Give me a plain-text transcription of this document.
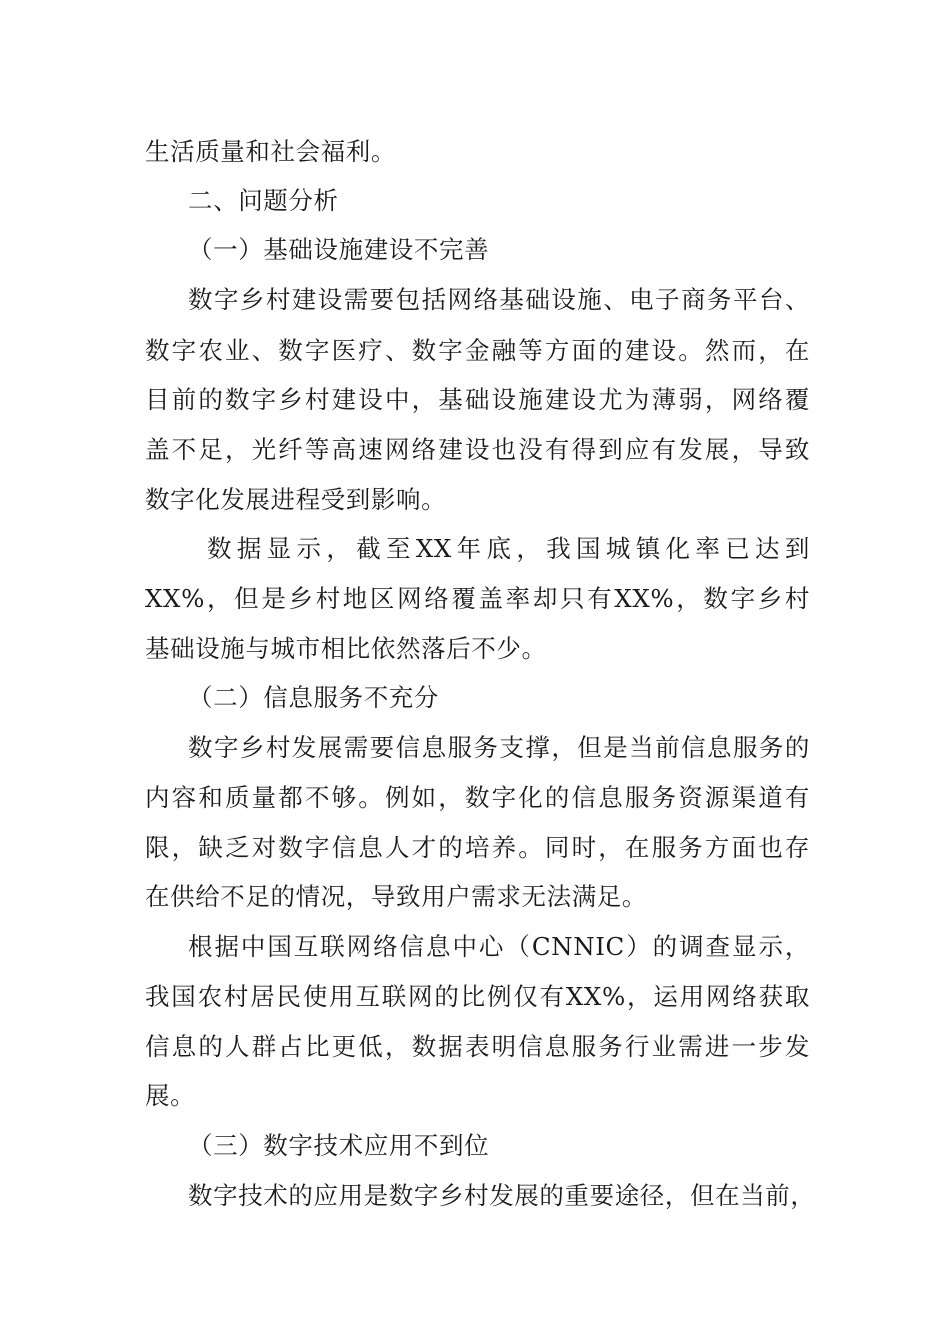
生活质量和社会福利。
二、问题分析
（一）基础设施建设不完善
数字乡村建设需要包括网络基础设施、电子商务平台、
数字农业、数字医疗、数字金融等方面的建设。然而，在
目前的数字乡村建设中，基础设施建设尤为薄弱，网络覆
盖不足，光纤等高速网络建设也没有得到应有发展，导致
数字化发展进程受到影响。
数据显示，截至XX年底，我国城镇化率已达到
XX%，但是乡村地区网络覆盖率却只有XX%，数字乡村
基础设施与城市相比依然落后不少。
（二）信息服务不充分
数字乡村发展需要信息服务支撑，但是当前信息服务的
内容和质量都不够。例如，数字化的信息服务资源渠道有
限，缺乏对数字信息人才的培养。同时，在服务方面也存
在供给不足的情况，导致用户需求无法满足。
根据中国互联网络信息中心（CNNIC）的调查显示，
我国农村居民使用互联网的比例仅有XX%，运用网络获取
信息的人群占比更低，数据表明信息服务行业需进一步发
展。
（三）数字技术应用不到位
数字技术的应用是数字乡村发展的重要途径，但在当前，
